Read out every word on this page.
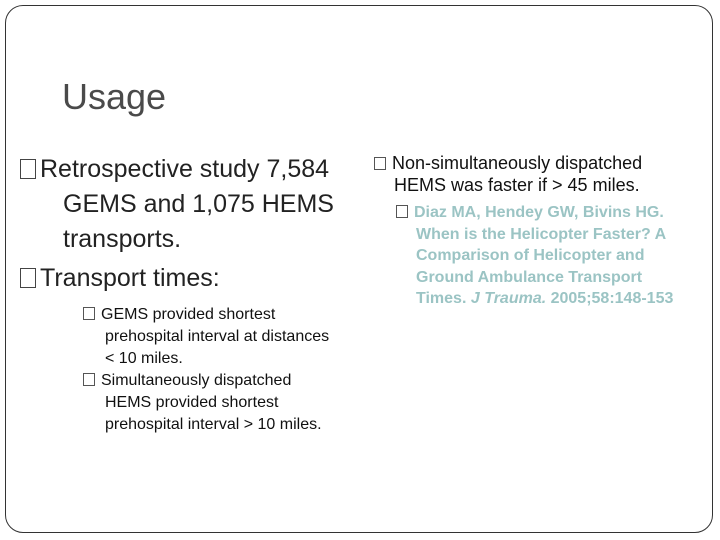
Usage

Retrospective study 7,584 GEMS and 1,075 HEMS transports.

Transport times:

GEMS provided shortest prehospital interval at distances < 10 miles.

Simultaneously dispatched HEMS provided shortest prehospital interval > 10 miles.

Non-simultaneously dispatched HEMS was faster if > 45 miles.

Diaz MA, Hendey GW, Bivins HG. When is the Helicopter Faster? A Comparison of Helicopter and Ground Ambulance Transport Times. J Trauma. 2005;58:148-153
